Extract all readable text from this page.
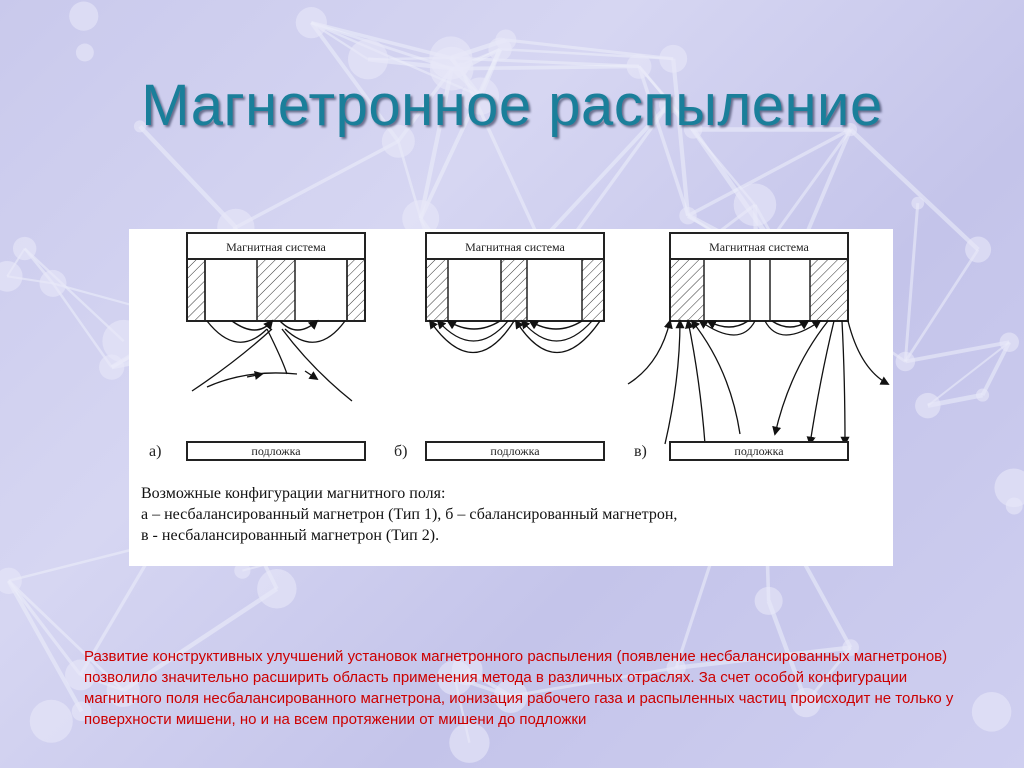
Магнетронное распыление
Магнитная система
а)	подложка
Магнитная система
б)	подложка
Магнитная система
в)	подложка
Возможные конфигурации магнитного поля:
а – несбалансированный магнетрон (Тип 1), б – сбалансированный магнетрон,
в - несбалансированный магнетрон (Тип 2).
Развитие конструктивных улучшений установок магнетронного распыления (появление несбалансированных магнетронов) позволило значительно расширить область применения метода в различных отраслях. За счет особой конфигурации магнитного поля несбалансированного магнетрона, ионизация рабочего газа и распыленных частиц происходит не только у поверхности мишени, но и на всем протяжении от мишени до подложки
